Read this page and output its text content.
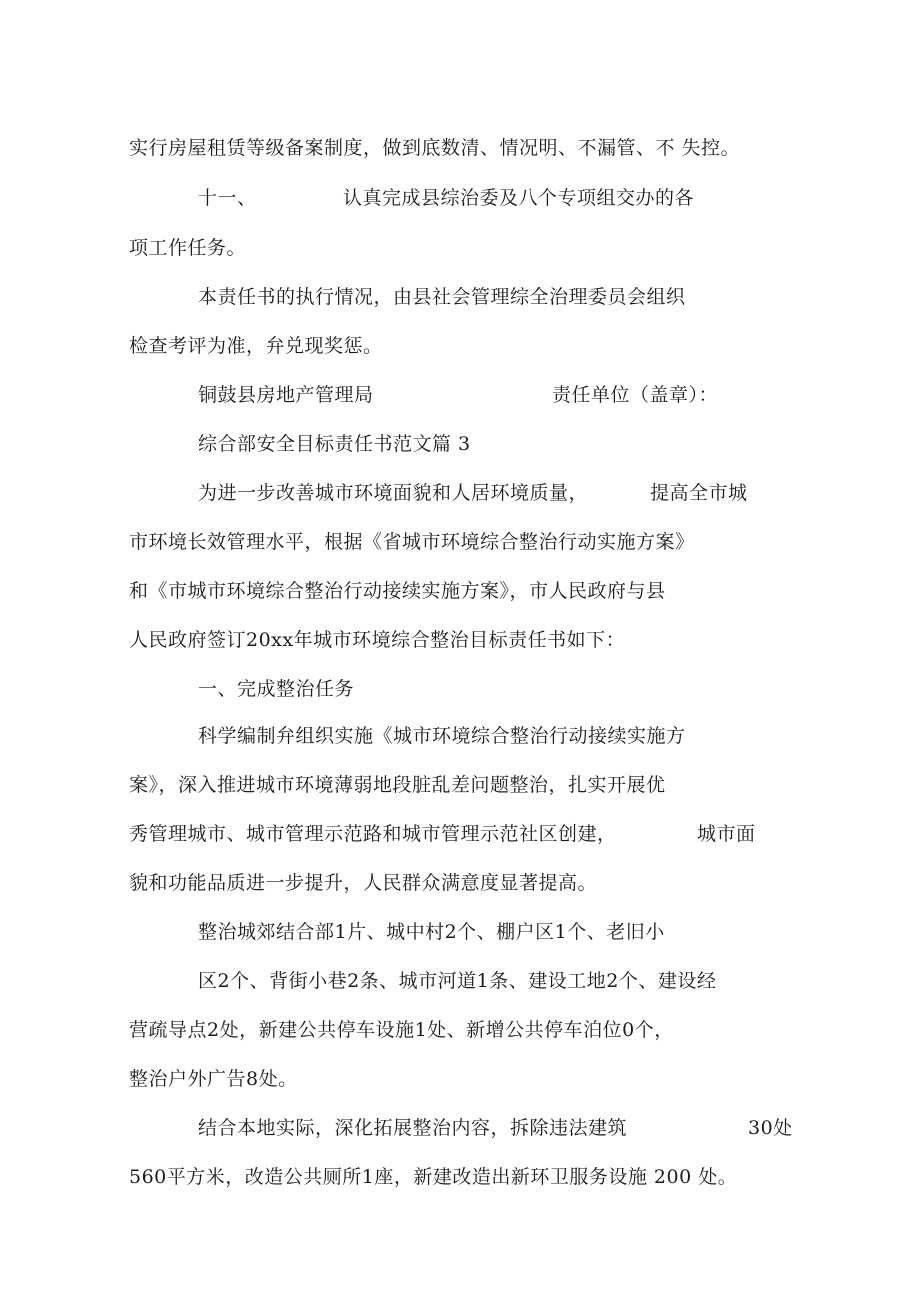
实行房屋租赁等级备案制度，做到底数清、情况明、不漏管、不 失控。
十一、	认真完成县综治委及八个专项组交办的各
项工作任务。
本责任书的执行情况，由县社会管理综全治理委员会组织
检查考评为准，弁兑现奖惩。
铜鼓县房地产管理局	责任单位（盖章）：
综合部安全目标责任书范文篇 3
为进一步改善城市环境面貌和人居环境质量，	提高全市城
市环境长效管理水平，根据《省城市环境综合整治行动实施方案》
和《市城市环境综合整治行动接续实施方案》，市人民政府与县
人民政府签订20xx年城市环境综合整治目标责任书如下：
一、完成整治任务
科学编制弁组织实施《城市环境综合整治行动接续实施方
案》，深入推进城市环境薄弱地段脏乱差问题整治，扎实开展优
秀管理城市、城市管理示范路和城市管理示范社区创建，	城市面
貌和功能品质进一步提升，人民群众满意度显著提高。
整治城郊结合部1片、城中村2个、棚户区1个、老旧小
区2个、背街小巷2条、城市河道1条、建设工地2个、建设经
营疏导点2处，新建公共停车设施1处、新增公共停车泊位0个，
整治户外广告8处。
结合本地实际，深化拓展整治内容，拆除违法建筑	30处
560平方米，改造公共厕所1座，新建改造出新环卫服务设施 200 处。
